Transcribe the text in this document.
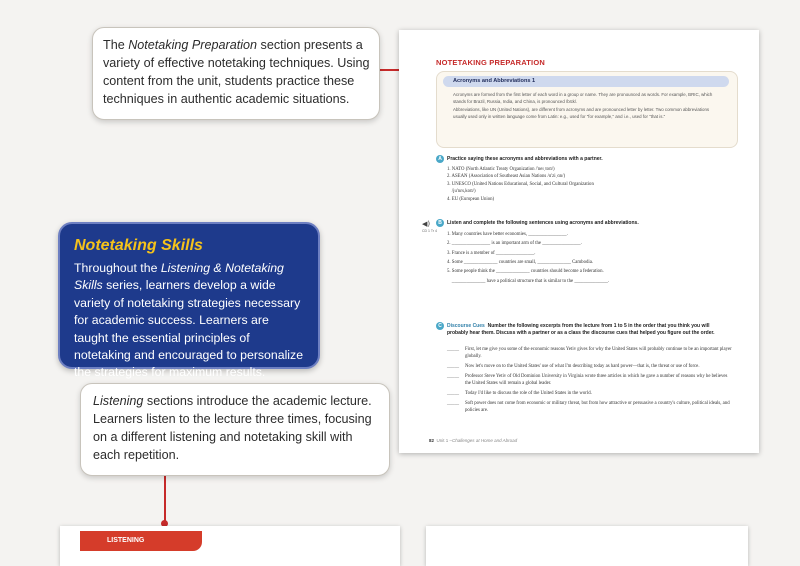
The Notetaking Preparation section presents a variety of effective notetaking techniques. Using content from the unit, students practice these techniques in authentic academic situations.
Notetaking Skills
Throughout the Listening & Notetaking Skills series, learners develop a wide variety of notetaking strategies necessary for academic success. Learners are taught the essential principles of notetaking and encouraged to personalize the strategies for maximum results.
Listening sections introduce the academic lecture. Learners listen to the lecture three times, focusing on a different listening and notetaking skill with each repetition.
NOTETAKING PREPARATION
Acronyms and Abbreviations 1
Acronyms are formed from the first letter of each word in a group or name. They are pronounced as words. For example, BRIC, which stands for Brazil, Russia, India, and China, is pronounced /brɪk/.
Abbreviations, like UN (United Nations), are different from acronyms and are pronounced letter by letter. Two common abbreviations usually used only in written language come from Latin: e.g., used for "for example," and i.e., used for "that is."
A	Practice saying these acronyms and abbreviations with a partner.
1. NATO (North Atlantic Treaty Organization /'neɪˌtoʊ/)
2. ASEAN (Association of Southeast Asian Nations /ɑ'ziˌɑn/)
3. UNESCO (United Nations Educational, Social, and Cultural Organization
/ju'nɛs,koʊ/)
4. EU (European Union)
◀)
CD 1 Tr 4
B	Listen and complete the following sentences using acronyms and abbreviations.
1. Many countries have better economies, ________________.
2. ________________ is an important arm of the ________________.
3. France is a member of ________________.
4. Some ______________ countries are small, ______________ Cambodia.
5. Some people think the ______________ countries should become a federation.
______________ have a political structure that is similar to the ______________.
C	Discourse Cues Number the following excerpts from the lecture from 1 to 5 in the order that you think you will probably hear them. Discuss with a partner or as a class the discourse cues that helped you figure out the order.
_____ First, let me give you some of the economic reasons Yetiv gives for why the United States will probably continue to be an important player globally.
_____ Now let's move on to the United States' use of what I'm describing today as hard power—that is, the threat or use of force.
_____ Professor Steve Yetiv of Old Dominion University in Virginia wrote three articles in which he gave a number of reasons why he believes the United States will remain a global leader.
_____ Today I'd like to discuss the role of the United States in the world.
_____ Soft power does not come from economic or military threat, but from how attractive or persuasive a country's culture, political ideals, and policies are.
82 Unit 1 –Challenges at Home and Abroad
LISTENING
